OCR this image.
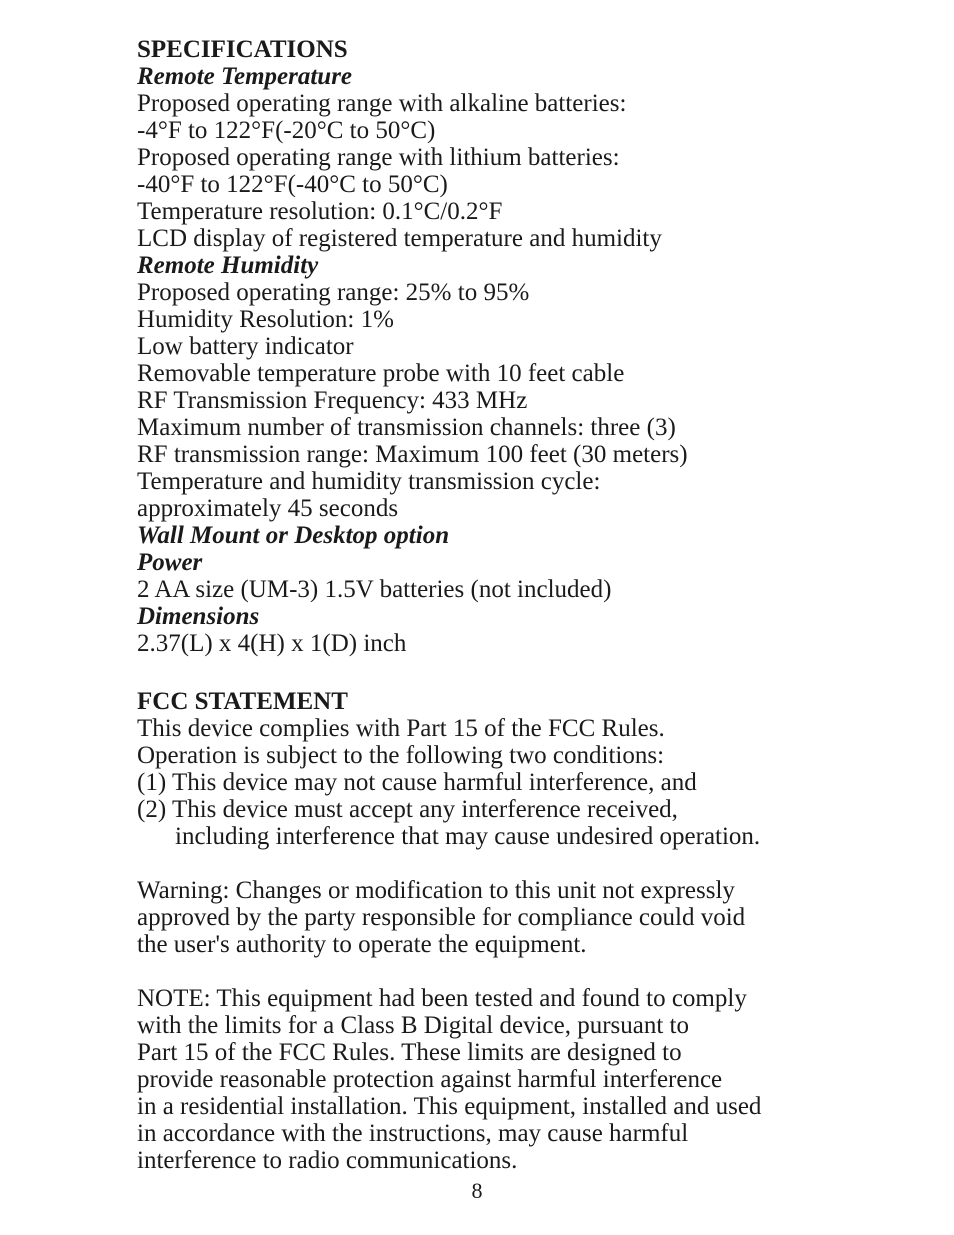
SPECIFICATIONS
Remote Temperature
Proposed operating range with alkaline batteries:
-4°F to 122°F(-20°C to 50°C)
Proposed operating range with lithium batteries:
-40°F to 122°F(-40°C to 50°C)
Temperature resolution: 0.1°C/0.2°F
LCD display of registered temperature and humidity
Remote Humidity
Proposed operating range: 25% to 95%
Humidity Resolution: 1%
Low battery indicator
Removable temperature probe with 10 feet cable
RF Transmission Frequency: 433 MHz
Maximum number of transmission channels: three (3)
RF transmission range: Maximum 100 feet (30 meters)
Temperature and humidity transmission cycle:
approximately 45 seconds
Wall Mount or Desktop option
Power
2 AA size (UM-3) 1.5V batteries (not included)
Dimensions
2.37(L) x 4(H) x 1(D) inch
FCC STATEMENT
This device complies with Part 15 of the FCC Rules.
Operation is subject to the following two conditions:
(1) This device may not cause harmful interference, and
(2) This device must accept any interference received,
including interference that may cause undesired operation.
Warning: Changes or modification to this unit not expressly
approved by the party responsible for compliance could void
the user's authority to operate the equipment.
NOTE: This equipment had been tested and found to comply
with the limits for a Class B Digital device, pursuant to
Part 15 of the FCC Rules. These limits are designed to
provide reasonable protection against harmful interference
in a residential installation. This equipment, installed and used
in accordance with the instructions, may cause harmful
interference to radio communications.
8
